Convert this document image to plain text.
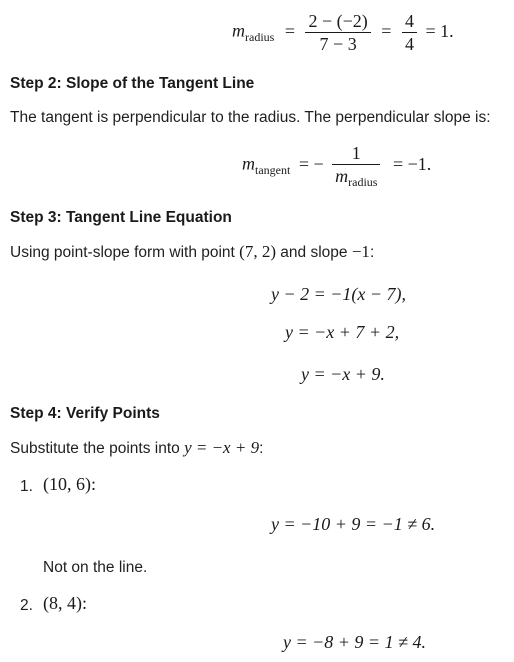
$m_{radius} = \frac{2 - (-2)}{7 - 3} = \frac{4}{4} = 1$.
Step 2: Slope of the Tangent Line
The tangent is perpendicular to the radius. The perpendicular slope is:
$m_{tangent}$ = − $\frac{1}{m_{radius}} = -1$.
Step 3: Tangent Line Equation
Using point-slope form with point (7, 2) and slope −1:
y − 2 = −1(x − 7),
y = −x + 7 + 2,
y = −x + 9.
Step 4: Verify Points
Substitute the points into y = −x + 9:
1. (10, 6):
y = −10 + 9 = −1 ≠ 6.
Not on the line.
2. (8, 4):
y = −8 + 9 = 1 ≠ 4.
